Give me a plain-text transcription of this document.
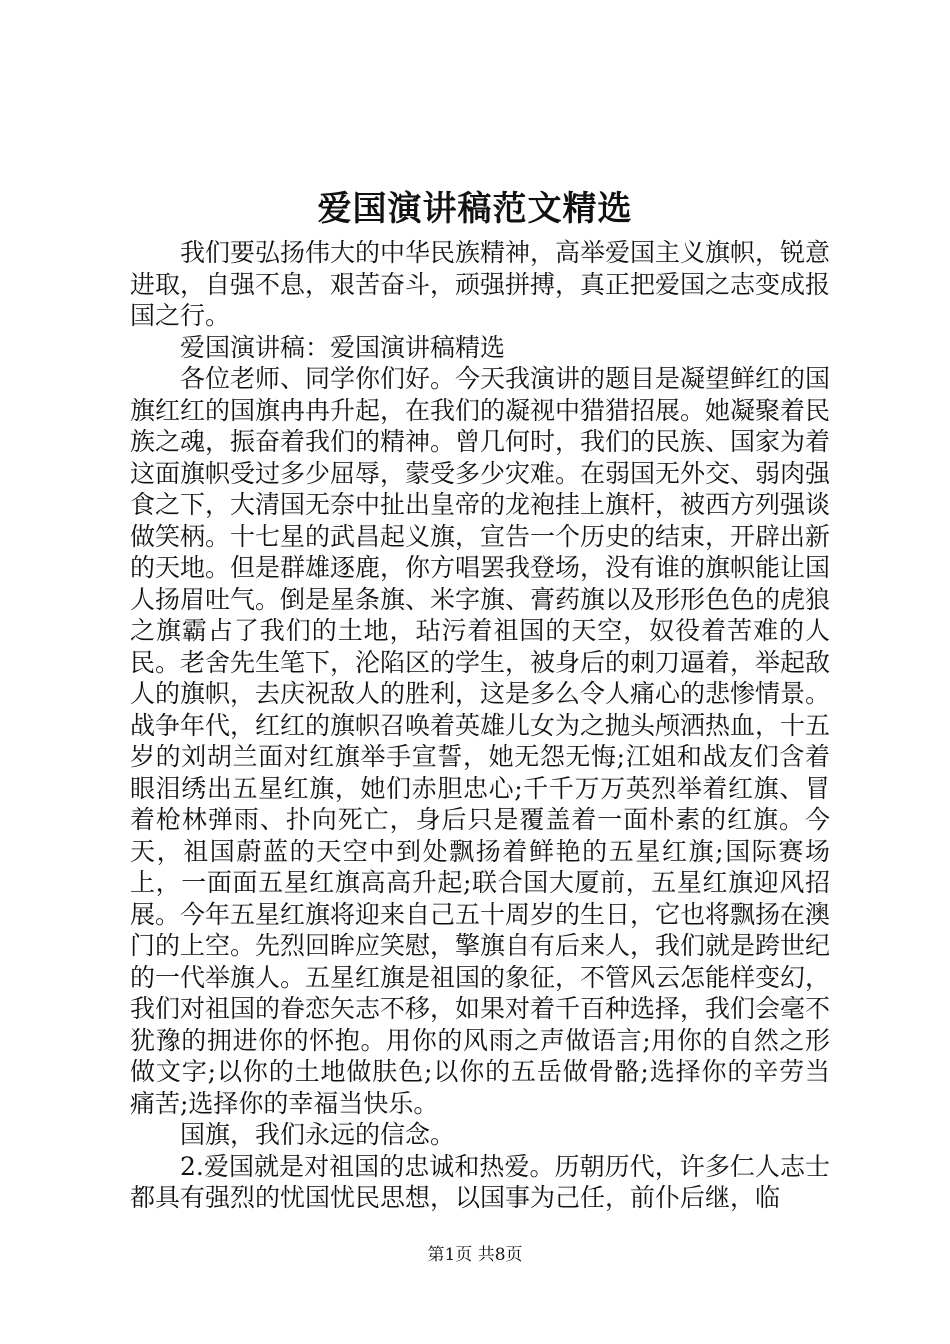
爱国演讲稿范文精选

我们要弘扬伟大的中华民族精神，高举爱国主义旗帜，锐意进取，自强不息，艰苦奋斗，顽强拼搏，真正把爱国之志变成报国之行。

爱国演讲稿：爱国演讲稿精选

各位老师、同学你们好。今天我演讲的题目是凝望鲜红的国旗红红的国旗冉冉升起，在我们的凝视中猎猎招展。她凝聚着民族之魂，振奋着我们的精神。曾几何时，我们的民族、国家为着这面旗帜受过多少屈辱，蒙受多少灾难。在弱国无外交、弱肉强食之下，大清国无奈中扯出皇帝的龙袍挂上旗杆，被西方列强谈做笑柄。十七星的武昌起义旗，宣告一个历史的结束，开辟出新的天地。但是群雄逐鹿，你方唱罢我登场，没有谁的旗帜能让国人扬眉吐气。倒是星条旗、米字旗、膏药旗以及形形色色的虎狼之旗霸占了我们的土地，玷污着祖国的天空，奴役着苦难的人民。老舍先生笔下，沦陷区的学生，被身后的刺刀逼着，举起敌人的旗帜，去庆祝敌人的胜利，这是多么令人痛心的悲惨情景。战争年代，红红的旗帜召唤着英雄儿女为之抛头颅洒热血，十五岁的刘胡兰面对红旗举手宣誓，她无怨无悔;江姐和战友们含着眼泪绣出五星红旗，她们赤胆忠心;千千万万英烈举着红旗、冒着枪林弹雨、扑向死亡，身后只是覆盖着一面朴素的红旗。今天，祖国蔚蓝的天空中到处飘扬着鲜艳的五星红旗;国际赛场上，一面面五星红旗高高升起;联合国大厦前，五星红旗迎风招展。今年五星红旗将迎来自己五十周岁的生日，它也将飘扬在澳门的上空。先烈回眸应笑慰，擎旗自有后来人，我们就是跨世纪的一代举旗人。五星红旗是祖国的象征，不管风云怎能样变幻，我们对祖国的眷恋矢志不移，如果对着千百种选择，我们会毫不犹豫的拥进你的怀抱。用你的风雨之声做语言;用你的自然之形做文字;以你的土地做肤色;以你的五岳做骨骼;选择你的辛劳当痛苦;选择你的幸福当快乐。

国旗，我们永远的信念。

2.爱国就是对祖国的忠诚和热爱。历朝历代，许多仁人志士都具有强烈的忧国忧民思想，以国事为己任，前仆后继，临

第1页 共8页
